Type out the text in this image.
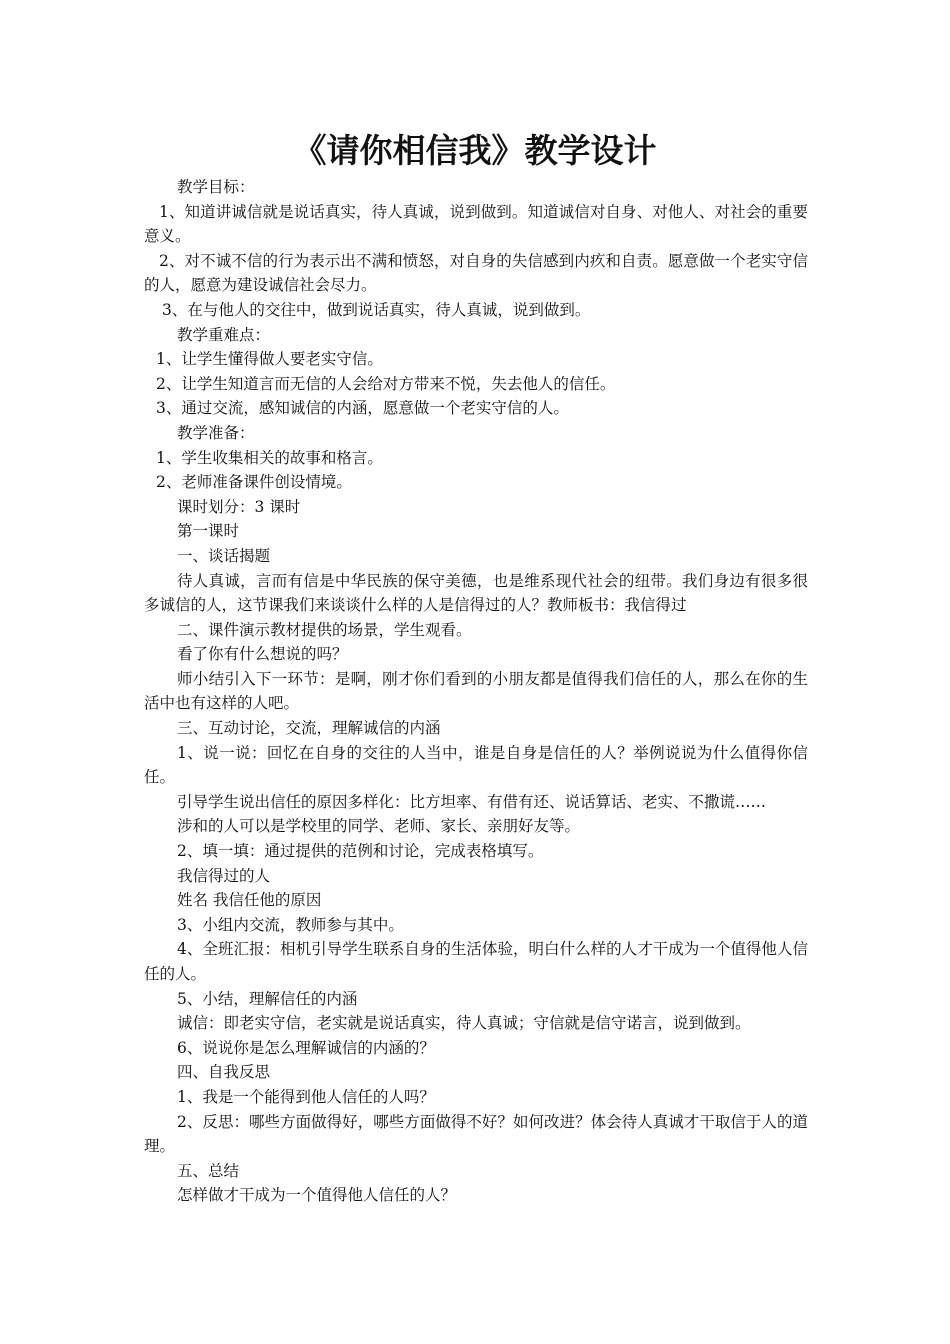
《请你相信我》教学设计

教学目标：

1、知道讲诚信就是说话真实，待人真诚，说到做到。知道诚信对自身、对他人、对社会的重要意义。

2、对不诚不信的行为表示出不满和愤怒，对自身的失信感到内疚和自责。愿意做一个老实守信的人，愿意为建设诚信社会尽力。

3、在与他人的交往中，做到说话真实，待人真诚，说到做到。

教学重难点：

1、让学生懂得做人要老实守信。

2、让学生知道言而无信的人会给对方带来不悦，失去他人的信任。

3、通过交流，感知诚信的内涵，愿意做一个老实守信的人。

教学准备：

1、学生收集相关的故事和格言。

2、老师准备课件创设情境。

课时划分：3 课时

第一课时

一、谈话揭题

待人真诚，言而有信是中华民族的保守美德，也是维系现代社会的纽带。我们身边有很多很多诚信的人，这节课我们来谈谈什么样的人是信得过的人？教师板书：我信得过

二、课件演示教材提供的场景，学生观看。

看了你有什么想说的吗？

师小结引入下一环节：是啊，刚才你们看到的小朋友都是值得我们信任的人，那么在你的生活中也有这样的人吧。

三、互动讨论，交流，理解诚信的内涵

1、说一说：回忆在自身的交往的人当中，谁是自身是信任的人？举例说说为什么值得你信任。

引导学生说出信任的原因多样化：比方坦率、有借有还、说话算话、老实、不撒谎……

涉和的人可以是学校里的同学、老师、家长、亲朋好友等。

2、填一填：通过提供的范例和讨论，完成表格填写。

我信得过的人

姓名 我信任他的原因

3、小组内交流，教师参与其中。

4、全班汇报：相机引导学生联系自身的生活体验，明白什么样的人才干成为一个值得他人信任的人。

5、小结，理解信任的内涵

诚信：即老实守信，老实就是说话真实，待人真诚；守信就是信守诺言，说到做到。

6、说说你是怎么理解诚信的内涵的？

四、自我反思

1、我是一个能得到他人信任的人吗？

2、反思：哪些方面做得好，哪些方面做得不好？如何改进？体会待人真诚才干取信于人的道理。

五、总结

怎样做才干成为一个值得他人信任的人？
